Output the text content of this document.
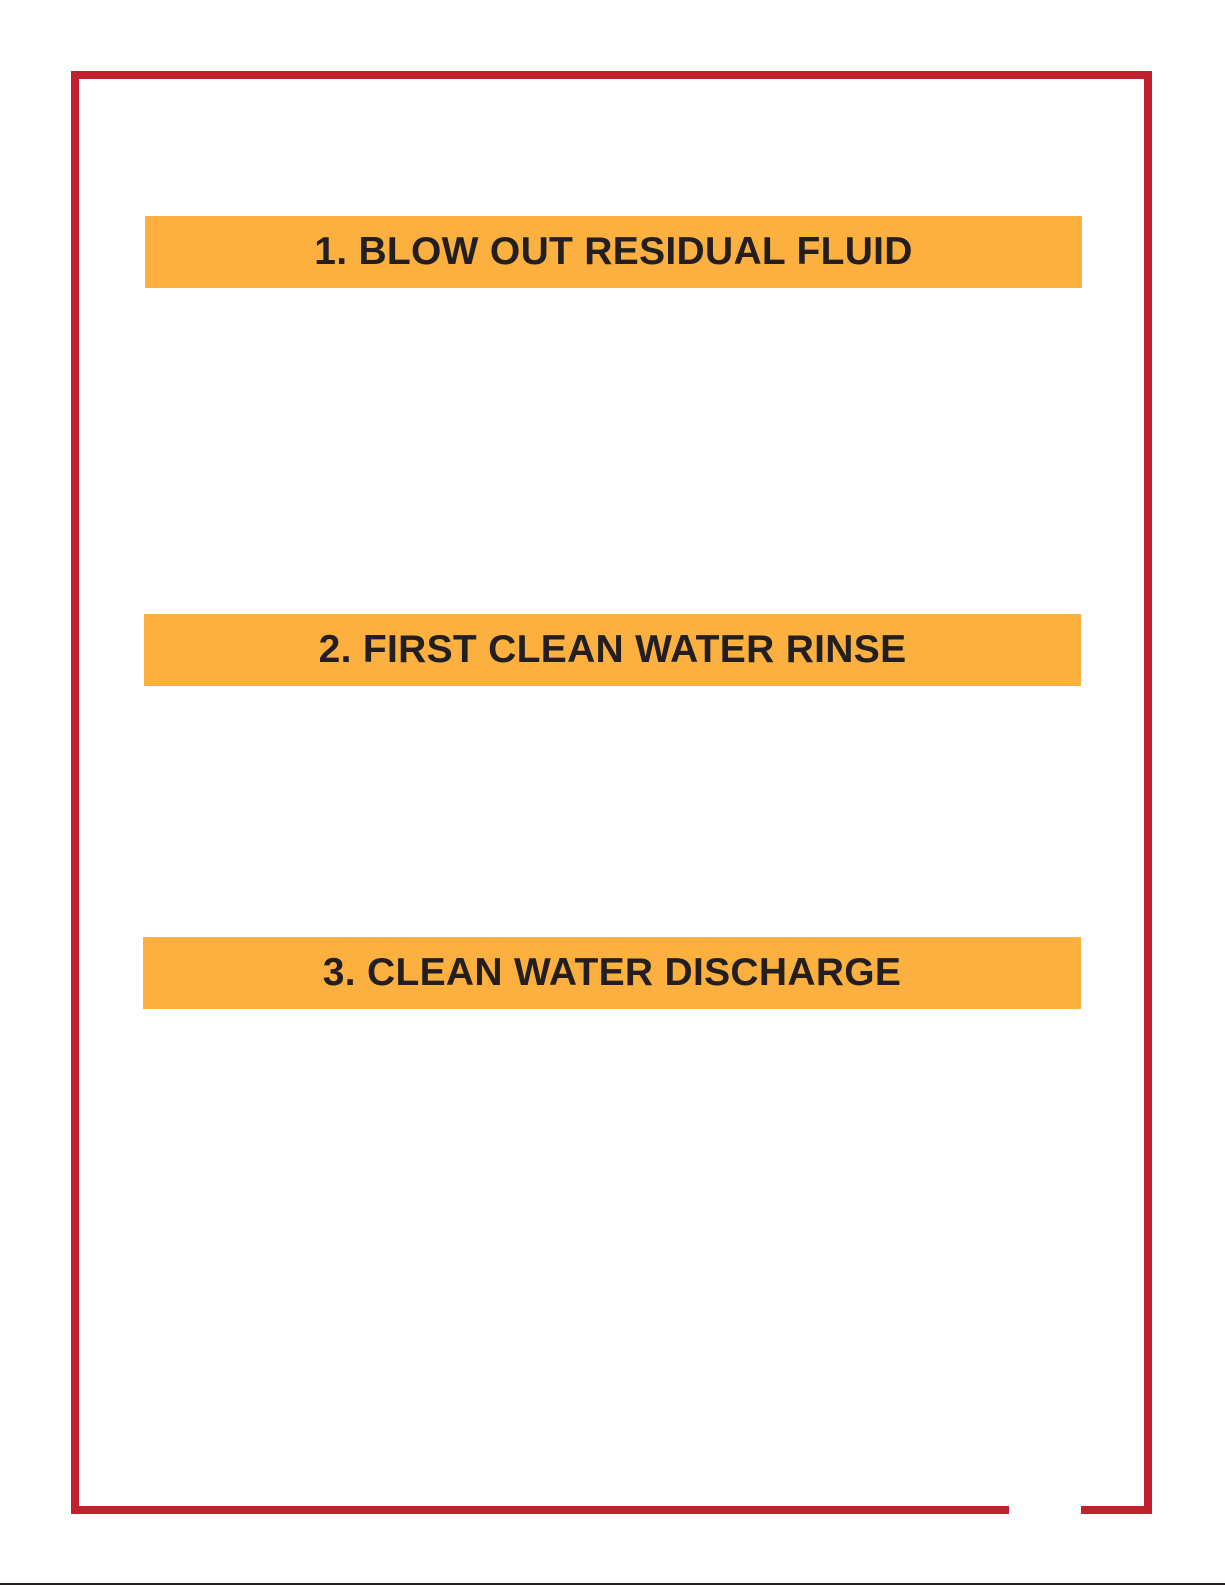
1. BLOW OUT RESIDUAL FLUID
2. FIRST CLEAN WATER RINSE
3. CLEAN WATER DISCHARGE
